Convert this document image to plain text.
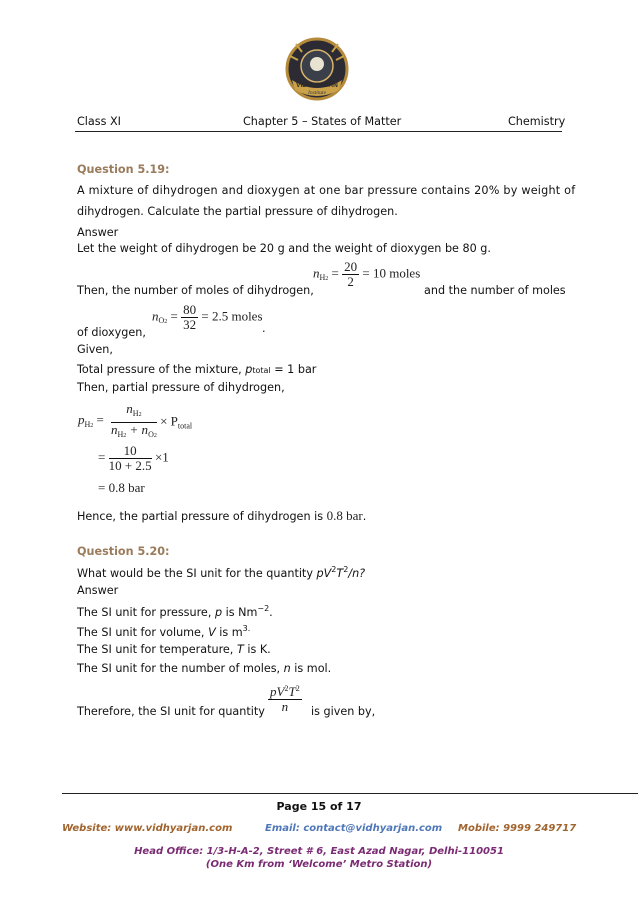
VIDHYARJAN
Institute
Class XI	Chapter 5 – States of Matter	Chemistry
Question 5.19:
A mixture of dihydrogen and dioxygen at one bar pressure contains 20% by weight of
dihydrogen. Calculate the partial pressure of dihydrogen.
Answer
Let the weight of dihydrogen be 20 g and the weight of dioxygen be 80 g.
Then, the number of moles of dihydrogen,
$n_{H2} = \frac{20}{2} = 10$ moles
and the number of moles
of dioxygen,
$n_{O2} = \frac{80}{32} = 2.5$ moles
.
Given,
Total pressure of the mixture, ptotal = 1 bar
Then, partial pressure of dihydrogen,
$p_{H2} = \frac{n_{H2}}{n_{H2} + n_{O2}} \times P_{total}$
= $\frac{10}{10 + 2.5} \times 1$
= 0.8 bar
Hence, the partial pressure of dihydrogen is 0.8 bar.
Question 5.20:
What would be the SI unit for the quantity $pV^2T^2/n$?
Answer
The SI unit for pressure, p is $Nm^{-2}$.
The SI unit for volume, V is $m^{3.}$
The SI unit for temperature, T is K.
The SI unit for the number of moles, n is mol.
Therefore, the SI unit for quantity $\frac{pV^2T^2}{n}$ is given by,
Page 15 of 17
Website: www.vidhyarjan.com	Email: contact@vidhyarjan.com Mobile: 9999 249717
Head Office: 1/3-H-A-2, Street # 6, East Azad Nagar, Delhi-110051
(One Km from ‘Welcome’ Metro Station)
